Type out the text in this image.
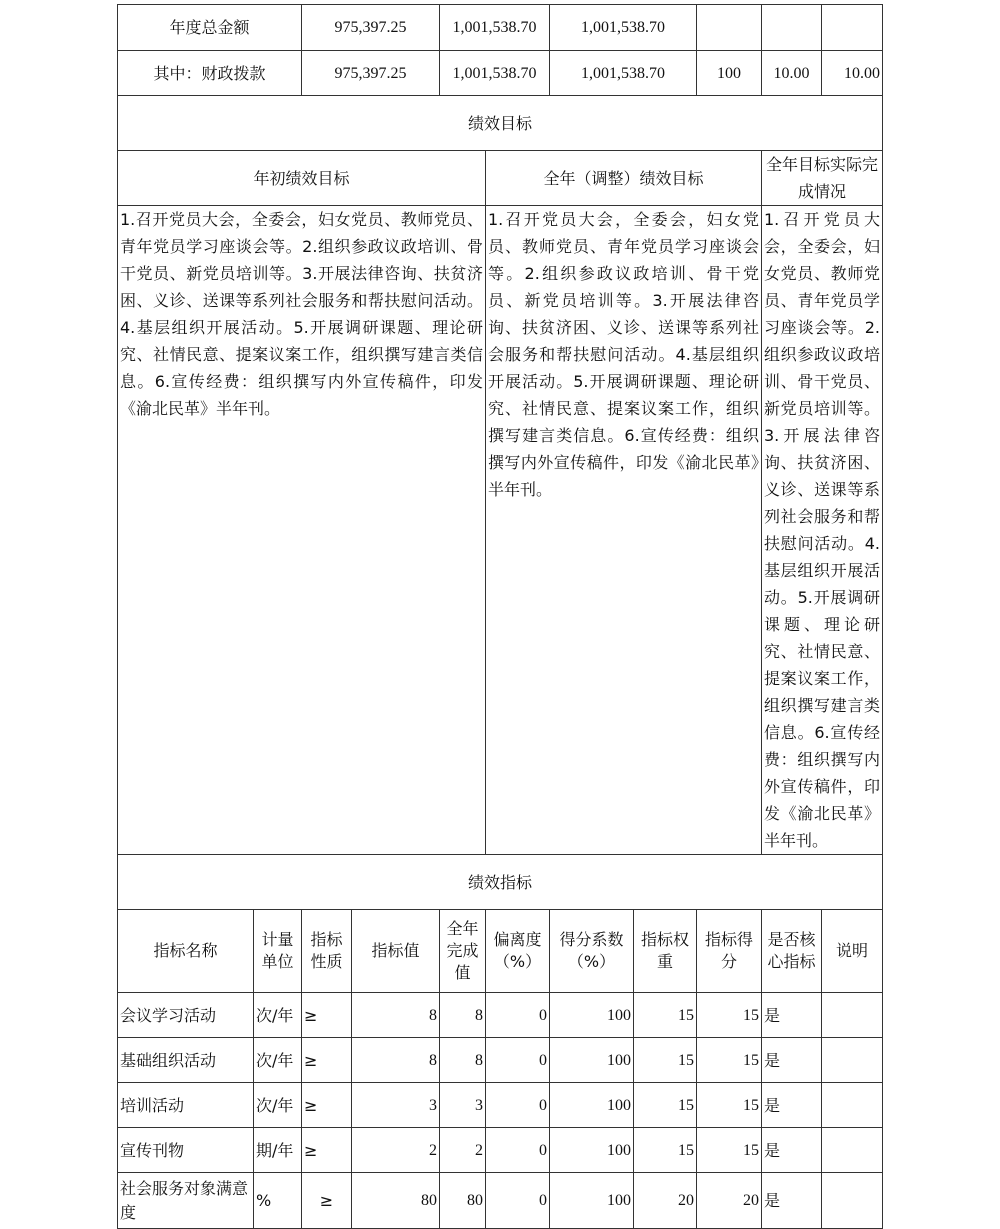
年度总金额		975,397.25		1,001,538.70		1,001,538.70				
其中：财政拨款		975,397.25		1,001,538.70		1,001,538.70		100	10.00	10.00
绩效目标										
年初绩效目标					全年（调整）绩效目标				全年目标实际完成情况	
1.召开党员大会，全委会，妇女党员、教师党员、青年党员学习座谈会等。2.组织参政议政培训、骨干党员、新党员培训等。3.开展法律咨询、扶贫济困、义诊、送课等系列社会服务和帮扶慰问活动。4.基层组织开展活动。5.开展调研课题、理论研究、社情民意、提案议案工作，组织撰写建言类信息。6.宣传经费：组织撰写内外宣传稿件，印发《渝北民革》半年刊。					1.召开党员大会，全委会，妇女党员、教师党员、青年党员学习座谈会等。2.组织参政议政培训、骨干党员、新党员培训等。3.开展法律咨询、扶贫济困、义诊、送课等系列社会服务和帮扶慰问活动。4.基层组织开展活动。5.开展调研课题、理论研究、社情民意、提案议案工作，组织撰写建言类信息。6.宣传经费：组织撰写内外宣传稿件，印发《渝北民革》半年刊。				1.召开党员大会，全委会，妇女党员、教师党员、青年党员学习座谈会等。2.组织参政议政培训、骨干党员、新党员培训等。3.开展法律咨询、扶贫济困、义诊、送课等系列社会服务和帮扶慰问活动。4.基层组织开展活动。5.开展调研课题、理论研究、社情民意、提案议案工作，组织撰写建言类信息。6.宣传经费：组织撰写内外宣传稿件，印发《渝北民革》半年刊。	
绩效指标										
指标名称	计量单位	指标性质	指标值	全年完成值	偏离度（%）	得分系数（%）	指标权重	指标得分	是否核心指标	说明
会议学习活动	次/年	≥	8	8	0	100	15	15	是	
基础组织活动	次/年	≥	8	8	0	100	15	15	是	
培训活动	次/年	≥	3	3	0	100	15	15	是	
宣传刊物	期/年	≥	2	2	0	100	15	15	是	
社会服务对象满意度	%	≥	80	80	0	100	20	20	是	
